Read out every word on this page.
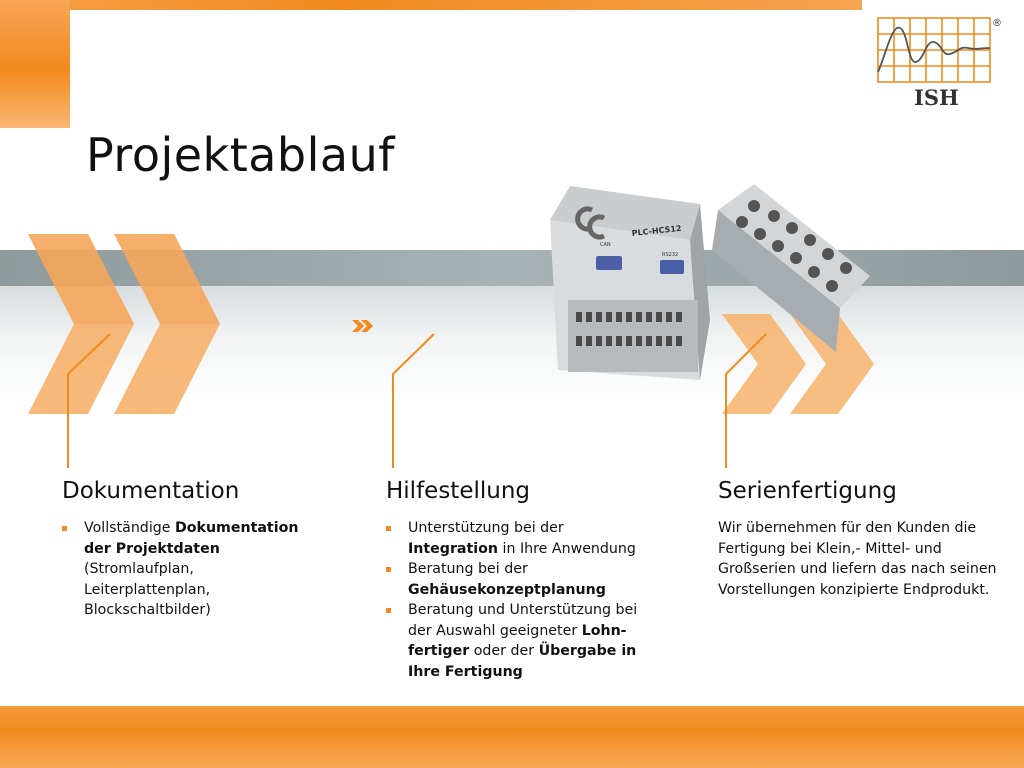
ISH
®
Projektablauf
CAN
RS232
PLC-HCS12
Dokumentation
Vollständige Dokumentation der Projektdaten (Stromlaufplan, Leiterplattenplan, Blockschaltbilder)
Hilfestellung
Unterstützung bei der Integration in Ihre Anwendung
Beratung bei der Gehäusekonzeptplanung
Beratung und Unterstützung bei der Auswahl geeigneter Lohn-fertiger oder der Übergabe in Ihre Fertigung
Serienfertigung
Wir übernehmen für den Kunden die Fertigung bei Klein,- Mittel- und Großserien und liefern das nach seinen Vorstellungen konzipierte Endprodukt.
